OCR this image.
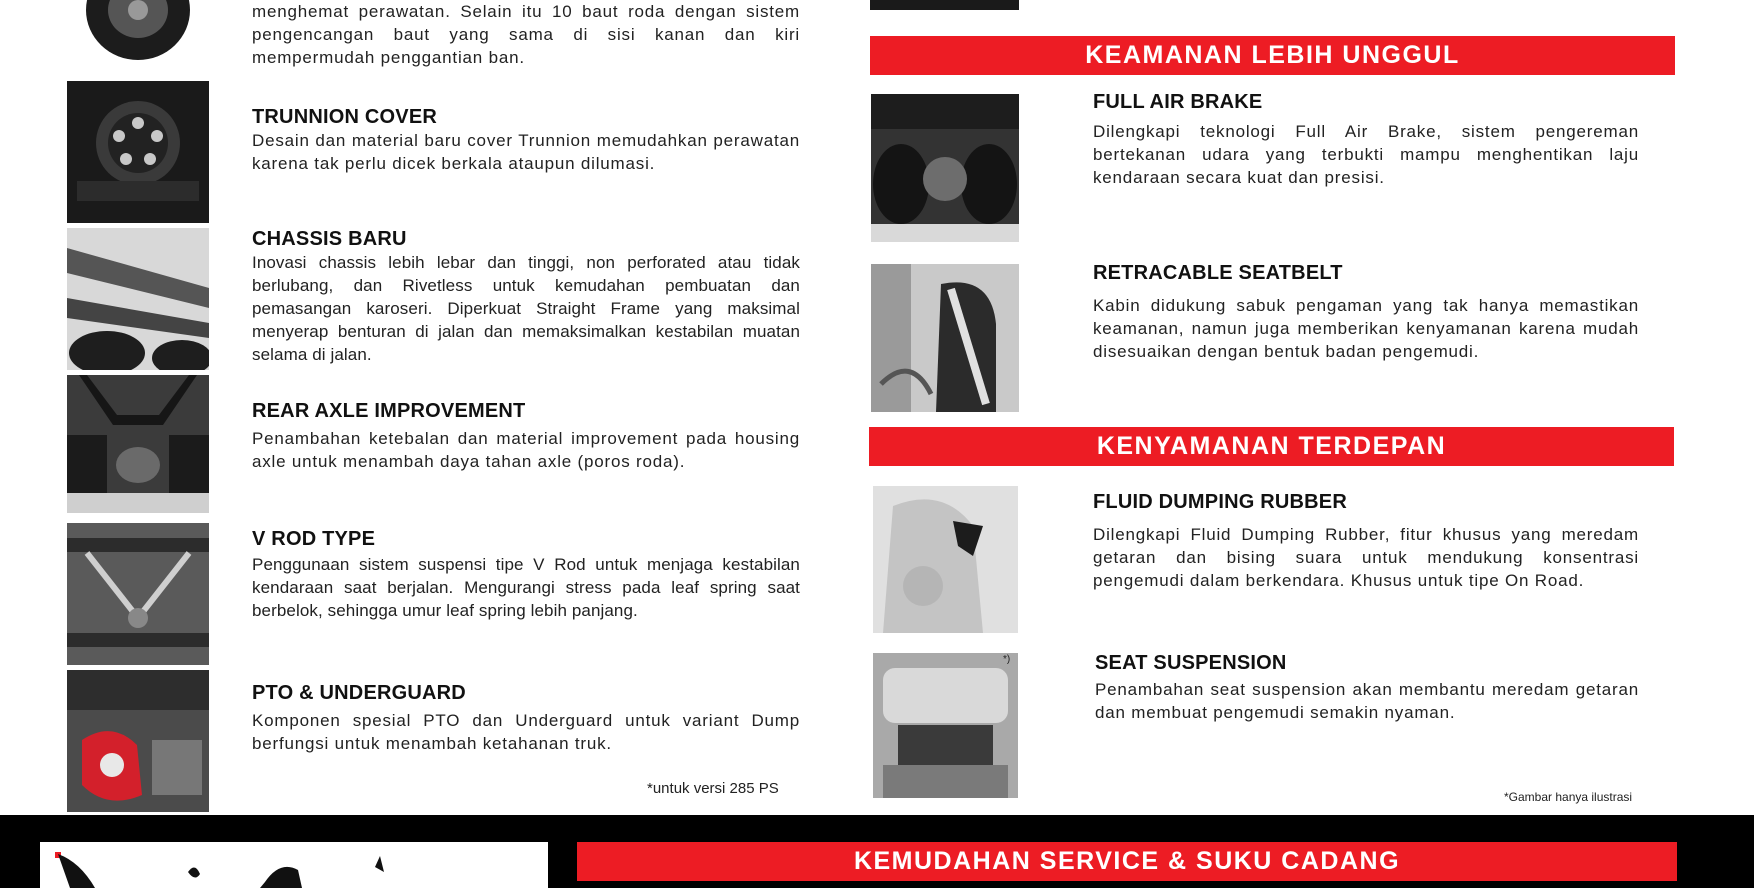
menghemat perawatan. Selain itu 10 baut roda dengan sistem pengencangan baut yang sama di sisi kanan dan kiri mempermudah penggantian ban.
TRUNNION COVER
Desain dan material baru cover Trunnion memudahkan perawatan karena tak perlu dicek berkala ataupun dilumasi.
CHASSIS BARU
Inovasi chassis lebih lebar dan tinggi, non perforated atau tidak berlubang, dan Rivetless untuk kemudahan pembuatan dan pemasangan karoseri. Diperkuat Straight Frame yang maksimal menyerap benturan di jalan dan memaksimalkan kestabilan muatan selama di jalan.
REAR AXLE IMPROVEMENT
Penambahan ketebalan dan material improvement pada housing axle untuk menambah daya tahan axle (poros roda).
V ROD TYPE
Penggunaan sistem suspensi tipe V Rod untuk menjaga kestabilan kendaraan saat berjalan. Mengurangi stress pada leaf spring saat berbelok, sehingga umur leaf spring lebih panjang.
PTO & UNDERGUARD
Komponen spesial PTO dan Underguard untuk variant Dump berfungsi untuk menambah ketahanan truk.
*untuk versi 285 PS
KEAMANAN LEBIH UNGGUL
FULL AIR BRAKE
Dilengkapi teknologi Full Air Brake, sistem pengereman bertekanan udara yang terbukti mampu menghentikan laju kendaraan secara kuat dan presisi.
RETRACABLE SEATBELT
Kabin didukung sabuk pengaman yang tak hanya memastikan keamanan, namun juga memberikan kenyamanan karena mudah disesuaikan dengan bentuk badan pengemudi.
KENYAMANAN TERDEPAN
FLUID DUMPING RUBBER
Dilengkapi Fluid Dumping Rubber, fitur khusus yang meredam getaran dan bising suara untuk mendukung konsentrasi pengemudi dalam berkendara. Khusus untuk tipe On Road.
*)	SEAT SUSPENSION
Penambahan seat suspension akan membantu meredam getaran dan membuat pengemudi semakin nyaman.
*Gambar hanya ilustrasi
KEMUDAHAN SERVICE & SUKU CADANG
